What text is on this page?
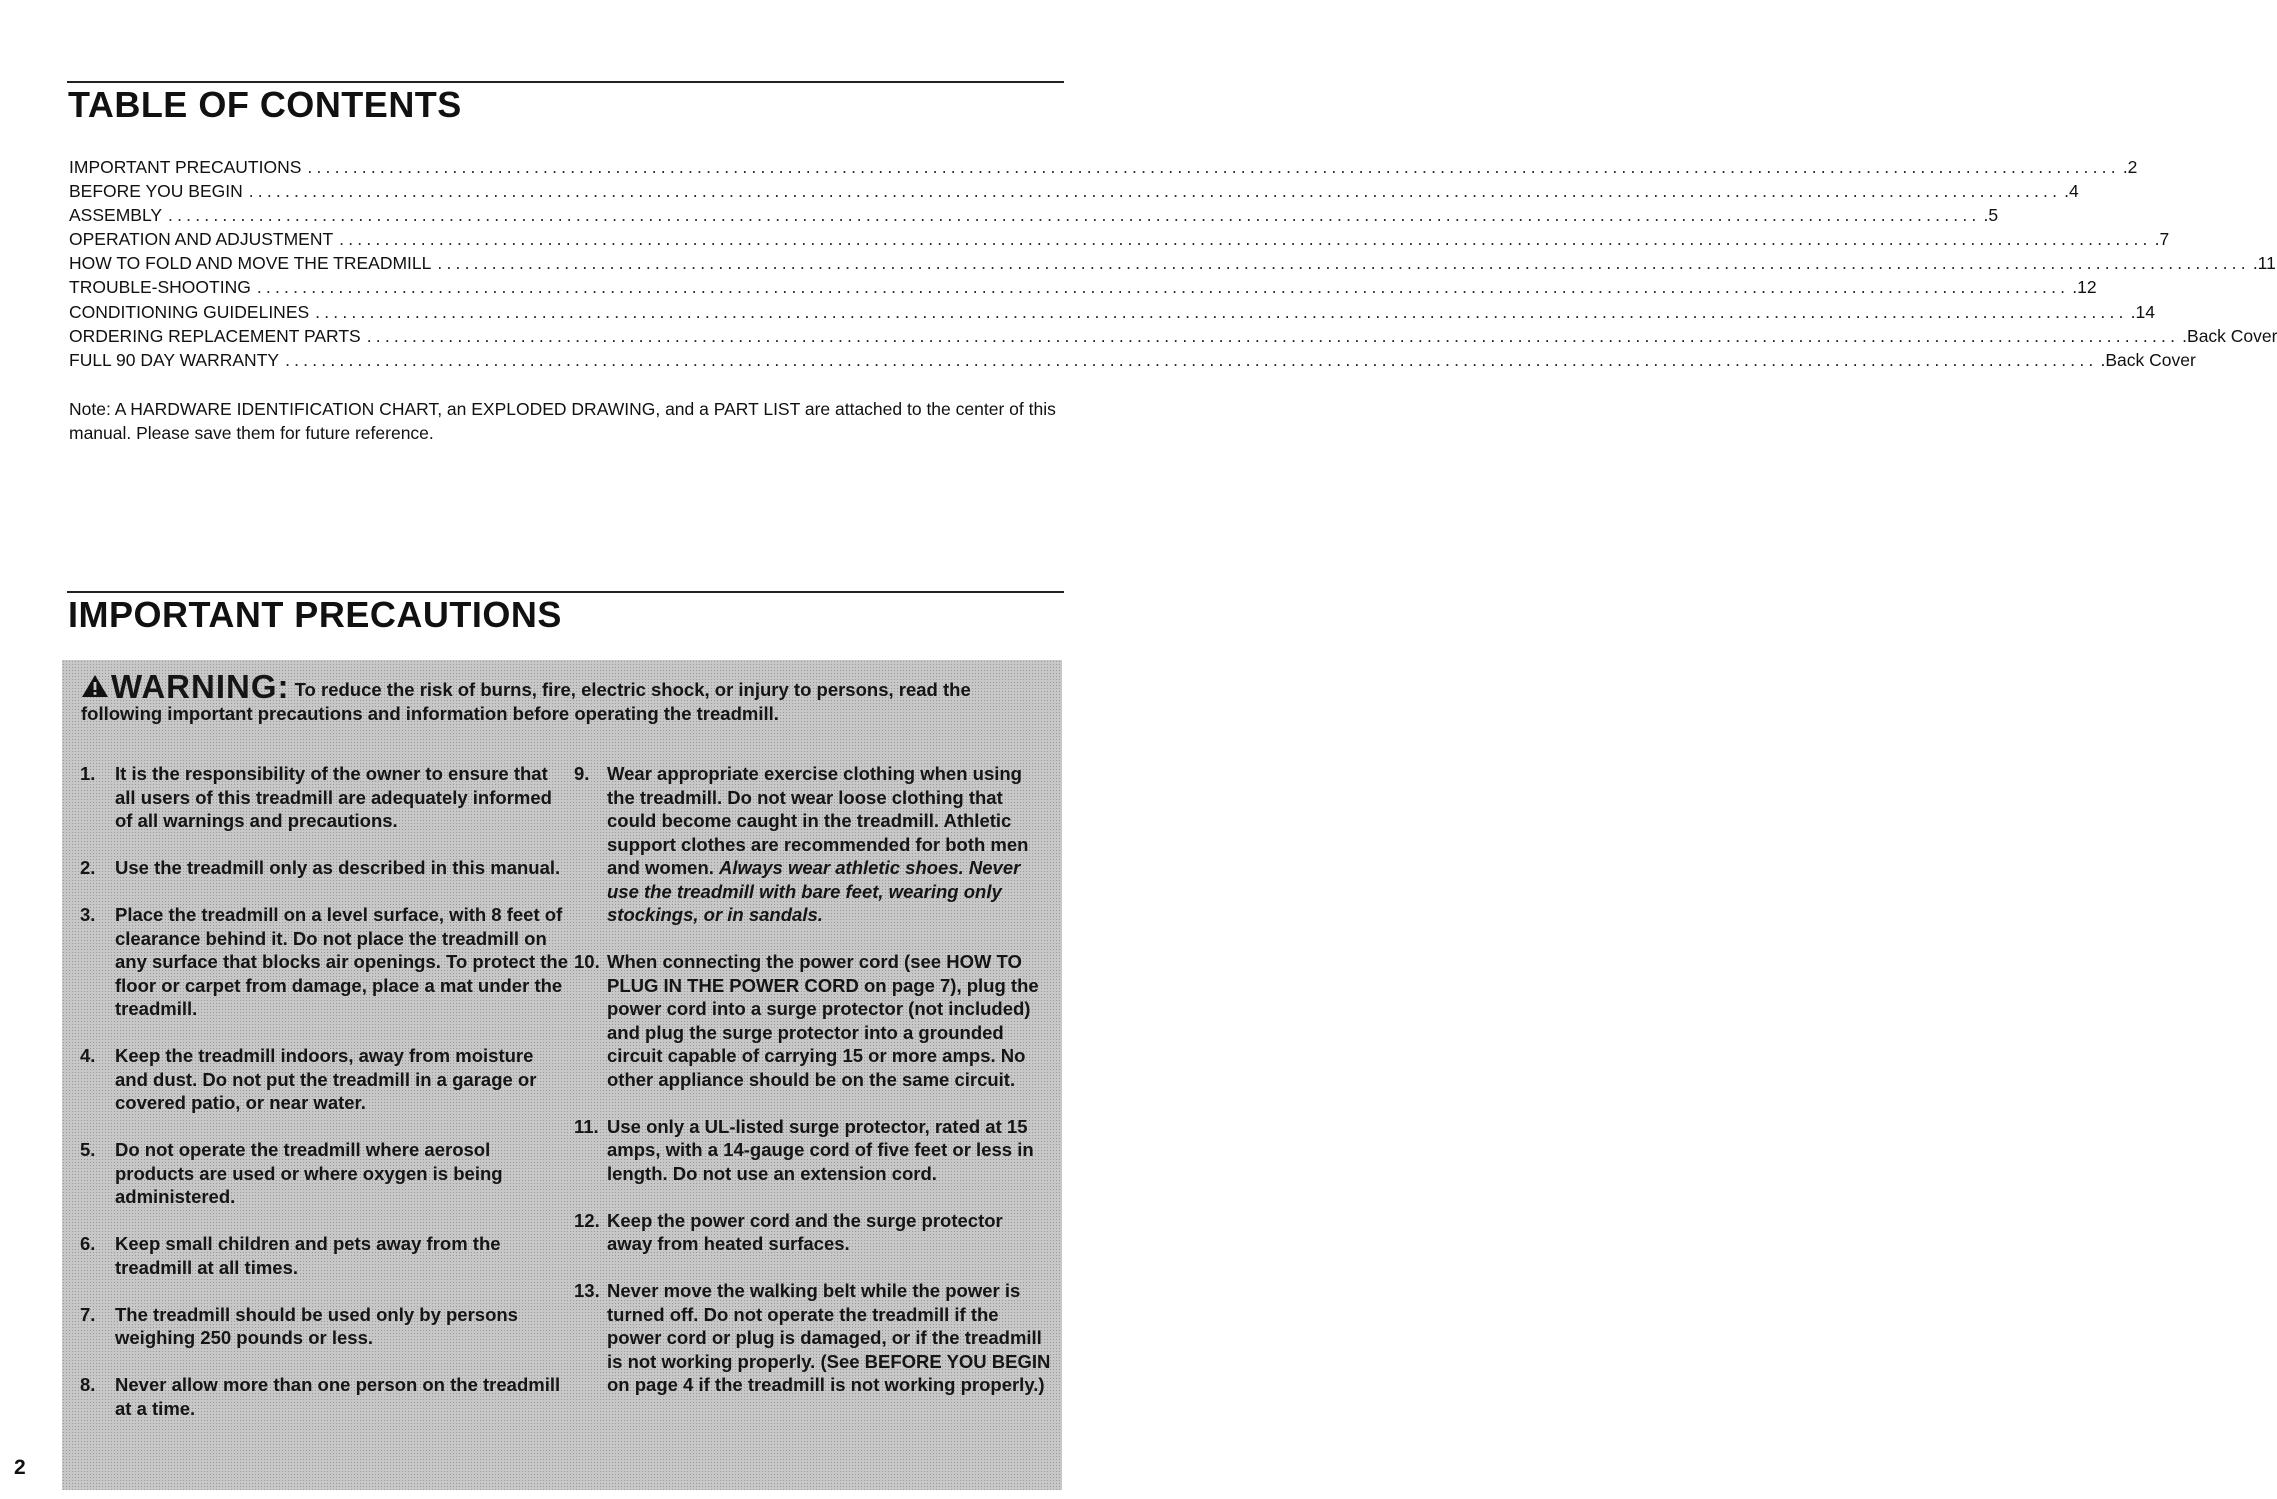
TABLE OF CONTENTS
IMPORTANT PRECAUTIONS ........................................................................................................................................................................................................ .2
BEFORE YOU BEGIN ........................................................................................................................................................................................................ .4
ASSEMBLY ........................................................................................................................................................................................................ .5
OPERATION AND ADJUSTMENT ........................................................................................................................................................................................................ .7
HOW TO FOLD AND MOVE THE TREADMILL ........................................................................................................................................................................................................ .11
TROUBLE-SHOOTING ........................................................................................................................................................................................................ .12
CONDITIONING GUIDELINES ........................................................................................................................................................................................................ .14
ORDERING REPLACEMENT PARTS ........................................................................................................................................................................................................ .Back Cover
FULL 90 DAY WARRANTY ........................................................................................................................................................................................................ .Back Cover

Note: A HARDWARE IDENTIFICATION CHART, an EXPLODED DRAWING, and a PART LIST are attached to the center of this manual. Please save them for future reference.

IMPORTANT PRECAUTIONS
WARNING: To reduce the risk of burns, fire, electric shock, or injury to persons, read the following important precautions and information before operating the treadmill.
1.	It is the responsibility of the owner to ensure that all users of this treadmill are adequately informed of all warnings and precautions.
2.	Use the treadmill only as described in this manual.
3.	Place the treadmill on a level surface, with 8 feet of clearance behind it. Do not place the treadmill on any surface that blocks air openings. To protect the floor or carpet from damage, place a mat under the treadmill.
4.	Keep the treadmill indoors, away from moisture and dust. Do not put the treadmill in a garage or covered patio, or near water.
5.	Do not operate the treadmill where aerosol products are used or where oxygen is being administered.
6.	Keep small children and pets away from the treadmill at all times.
7.	The treadmill should be used only by persons weighing 250 pounds or less.
8.	Never allow more than one person on the treadmill at a time.
9. Wear appropriate exercise clothing when using the treadmill. Do not wear loose clothing that could become caught in the treadmill. Athletic support clothes are recommended for both men and women. Always wear athletic shoes. Never use the treadmill with bare feet, wearing only stockings, or in sandals.
10. When connecting the power cord (see HOW TO PLUG IN THE POWER CORD on page 7), plug the power cord into a surge protector (not included) and plug the surge protector into a grounded circuit capable of carrying 15 or more amps. No other appliance should be on the same circuit.
11. Use only a UL-listed surge protector, rated at 15 amps, with a 14-gauge cord of five feet or less in length. Do not use an extension cord.
12. Keep the power cord and the surge protector away from heated surfaces.
13. Never move the walking belt while the power is turned off. Do not operate the treadmill if the power cord or plug is damaged, or if the treadmill is not working properly. (See BEFORE YOU BEGIN on page 4 if the treadmill is not working properly.)
2
